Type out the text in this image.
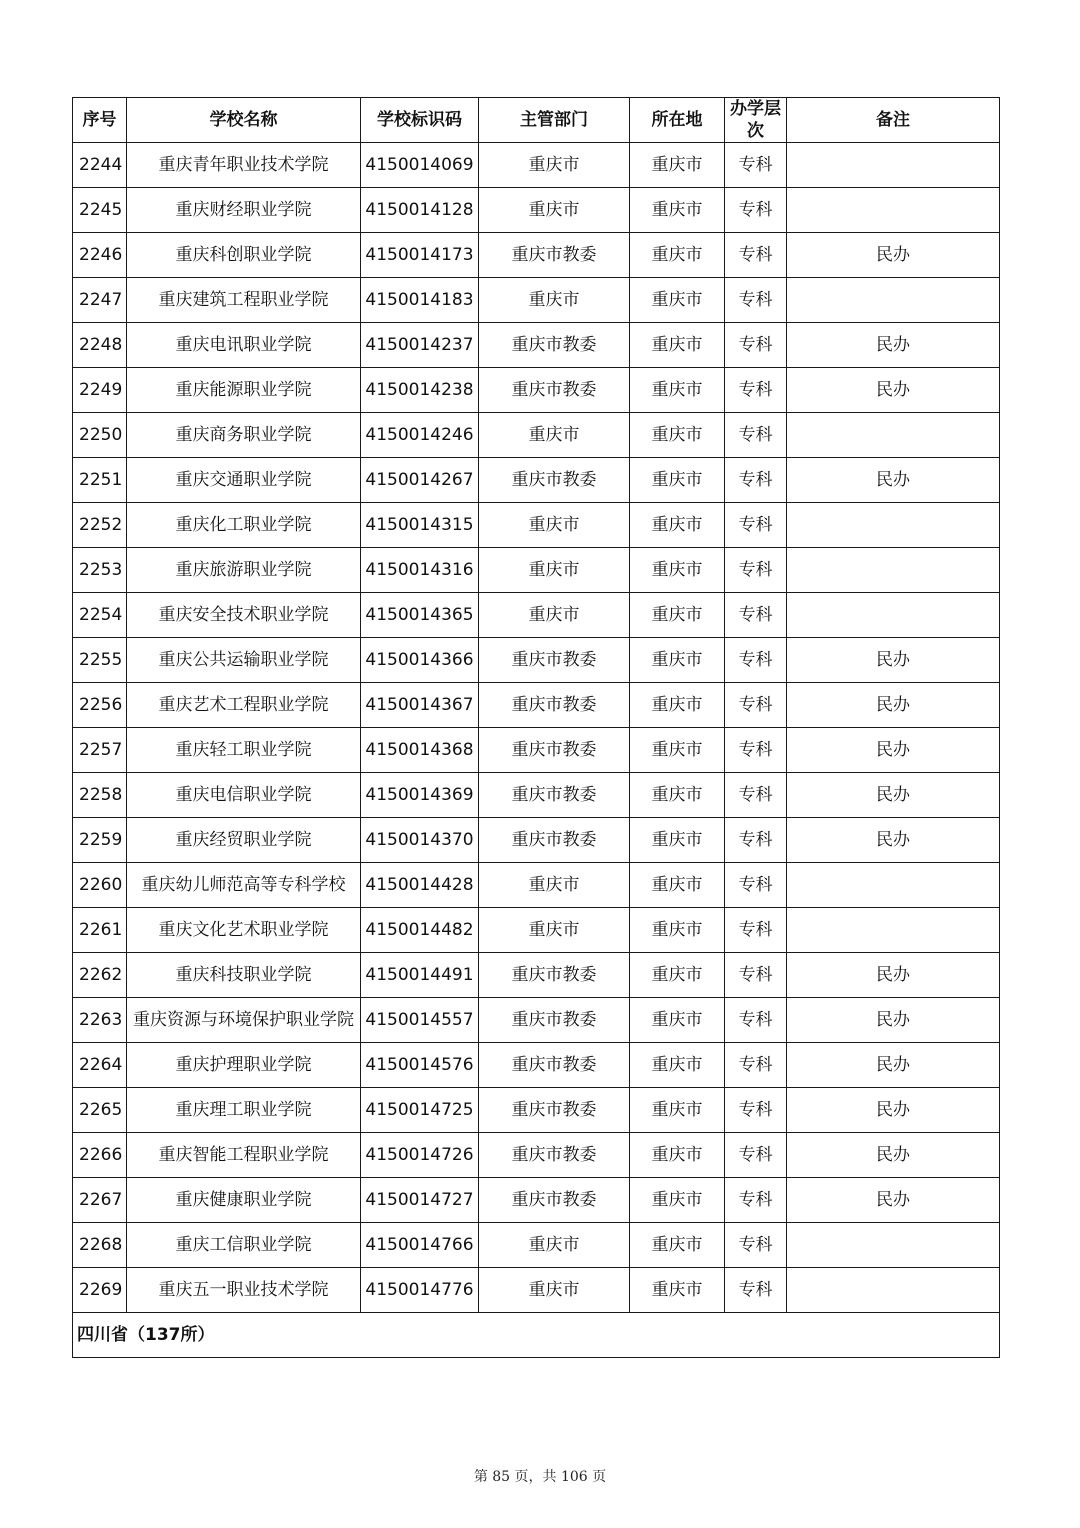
序号	学校名称	学校标识码	主管部门	所在地	办学层次	备注
2244	重庆青年职业技术学院	4150014069	重庆市	重庆市	专科	
2245	重庆财经职业学院	4150014128	重庆市	重庆市	专科	
2246	重庆科创职业学院	4150014173	重庆市教委	重庆市	专科	民办
2247	重庆建筑工程职业学院	4150014183	重庆市	重庆市	专科	
2248	重庆电讯职业学院	4150014237	重庆市教委	重庆市	专科	民办
2249	重庆能源职业学院	4150014238	重庆市教委	重庆市	专科	民办
2250	重庆商务职业学院	4150014246	重庆市	重庆市	专科	
2251	重庆交通职业学院	4150014267	重庆市教委	重庆市	专科	民办
2252	重庆化工职业学院	4150014315	重庆市	重庆市	专科	
2253	重庆旅游职业学院	4150014316	重庆市	重庆市	专科	
2254	重庆安全技术职业学院	4150014365	重庆市	重庆市	专科	
2255	重庆公共运输职业学院	4150014366	重庆市教委	重庆市	专科	民办
2256	重庆艺术工程职业学院	4150014367	重庆市教委	重庆市	专科	民办
2257	重庆轻工职业学院	4150014368	重庆市教委	重庆市	专科	民办
2258	重庆电信职业学院	4150014369	重庆市教委	重庆市	专科	民办
2259	重庆经贸职业学院	4150014370	重庆市教委	重庆市	专科	民办
2260	重庆幼儿师范高等专科学校	4150014428	重庆市	重庆市	专科	
2261	重庆文化艺术职业学院	4150014482	重庆市	重庆市	专科	
2262	重庆科技职业学院	4150014491	重庆市教委	重庆市	专科	民办
2263	重庆资源与环境保护职业学院	4150014557	重庆市教委	重庆市	专科	民办
2264	重庆护理职业学院	4150014576	重庆市教委	重庆市	专科	民办
2265	重庆理工职业学院	4150014725	重庆市教委	重庆市	专科	民办
2266	重庆智能工程职业学院	4150014726	重庆市教委	重庆市	专科	民办
2267	重庆健康职业学院	4150014727	重庆市教委	重庆市	专科	民办
2268	重庆工信职业学院	4150014766	重庆市	重庆市	专科	
2269	重庆五一职业技术学院	4150014776	重庆市	重庆市	专科	
四川省（137所）						
第 85 页，共 106 页
